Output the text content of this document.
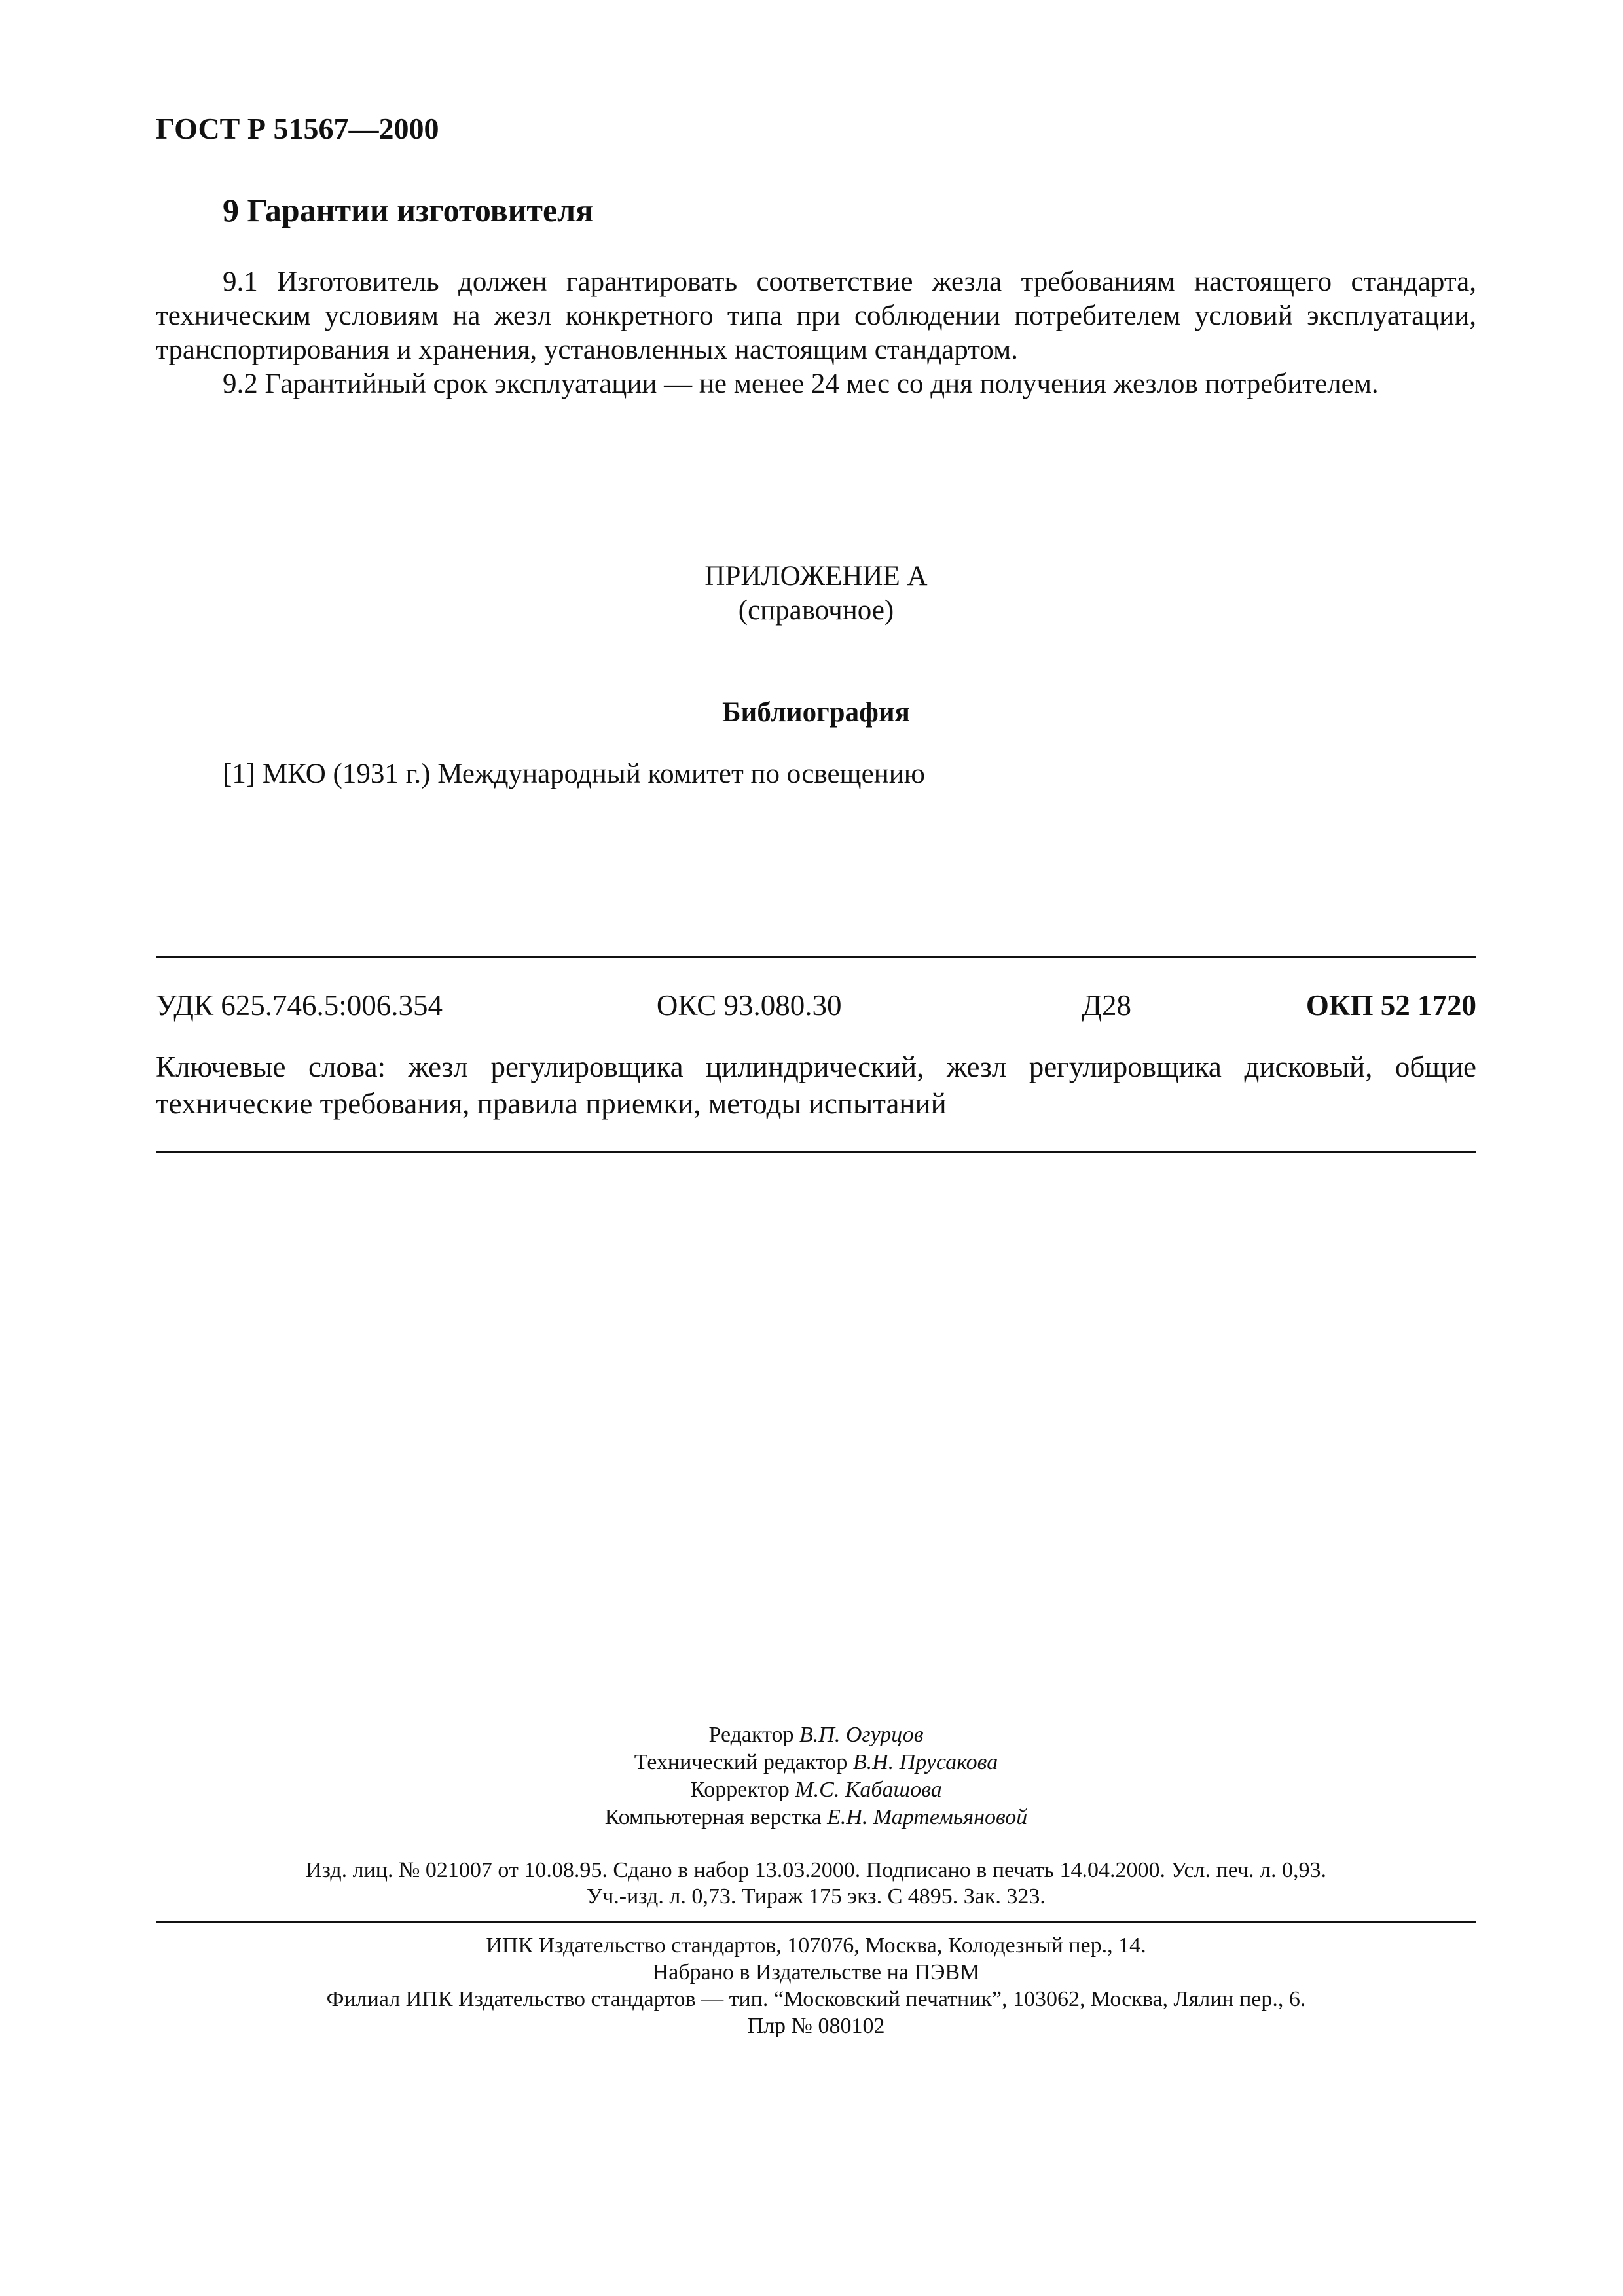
ГОСТ Р 51567—2000
9 Гарантии изготовителя
9.1 Изготовитель должен гарантировать соответствие жезла требованиям настоящего стандарта, техническим условиям на жезл конкретного типа при соблюдении потребителем условий эксплуатации, транспортирования и хранения, установленных настоящим стандартом.
9.2 Гарантийный срок эксплуатации — не менее 24 мес со дня получения жезлов потребителем.
ПРИЛОЖЕНИЕ А
(справочное)
Библиография
[1] МКО (1931 г.) Международный комитет по освещению
УДК 625.746.5:006.354	ОКС 93.080.30	Д28	ОКП 52 1720
Ключевые слова: жезл регулировщика цилиндрический, жезл регулировщика дисковый, общие технические требования, правила приемки, методы испытаний
Редактор В.П. Огурцов
Технический редактор В.Н. Прусакова
Корректор М.С. Кабашова
Компьютерная верстка Е.Н. Мартемьяновой
Изд. лиц. № 021007 от 10.08.95. Сдано в набор 13.03.2000. Подписано в печать 14.04.2000. Усл. печ. л. 0,93.
Уч.-изд. л. 0,73. Тираж 175 экз. С 4895. Зак. 323.
ИПК Издательство стандартов, 107076, Москва, Колодезный пер., 14.
Набрано в Издательстве на ПЭВМ
Филиал ИПК Издательство стандартов — тип. “Московский печатник”, 103062, Москва, Лялин пер., 6.
Плр № 080102
